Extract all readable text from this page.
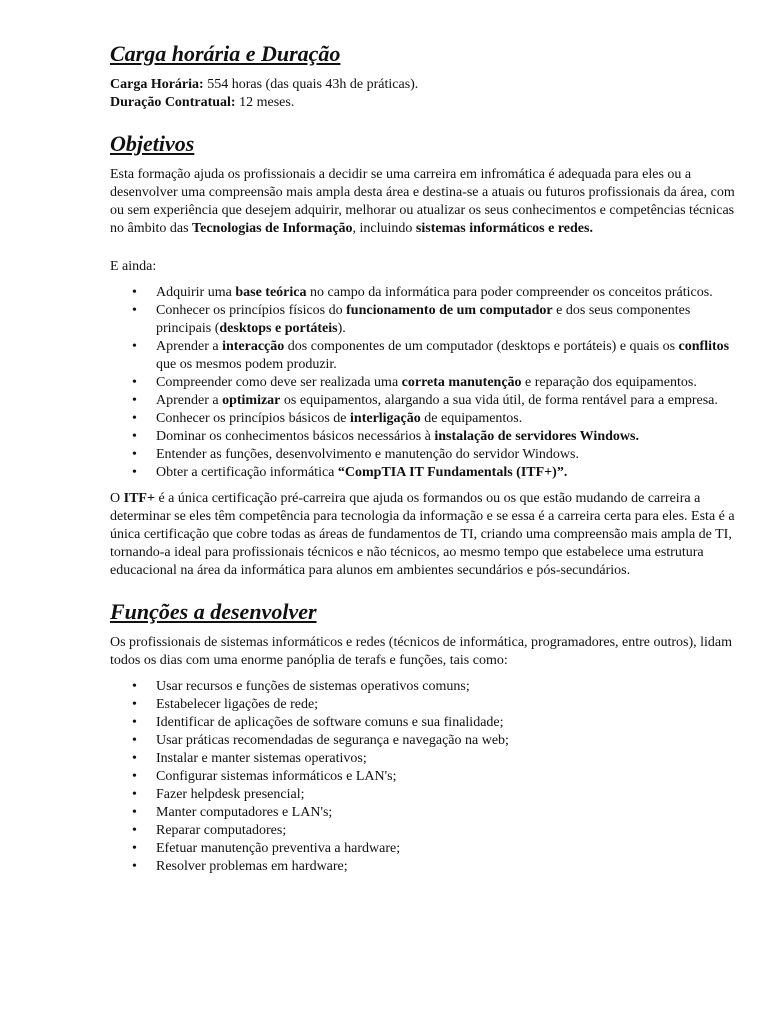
Carga horária e Duração

Carga Horária: 554 horas (das quais 43h de práticas).

Duração Contratual: 12 meses.

Objetivos

Esta formação ajuda os profissionais a decidir se uma carreira em infromática é adequada para eles ou a desenvolver uma compreensão mais ampla desta área e destina-se a atuais ou futuros profissionais da área, com ou sem experiência que desejem adquirir, melhorar ou atualizar os seus conhecimentos e competências técnicas no âmbito das Tecnologias de Informação, incluindo sistemas informáticos e redes.

E ainda:

• Adquirir uma base teórica no campo da informática para poder compreender os conceitos práticos.
• Conhecer os princípios físicos do funcionamento de um computador e dos seus componentes principais (desktops e portáteis).
• Aprender a interacção dos componentes de um computador (desktops e portáteis) e quais os conflitos que os mesmos podem produzir.
• Compreender como deve ser realizada uma correta manutenção e reparação dos equipamentos.
• Aprender a optimizar os equipamentos, alargando a sua vida útil, de forma rentável para a empresa.
• Conhecer os princípios básicos de interligação de equipamentos.
• Dominar os conhecimentos básicos necessários à instalação de servidores Windows.
• Entender as funções, desenvolvimento e manutenção do servidor Windows.
• Obter a certificação informática “CompTIA IT Fundamentals (ITF+)”.

O ITF+ é a única certificação pré-carreira que ajuda os formandos ou os que estão mudando de carreira a determinar se eles têm competência para tecnologia da informação e se essa é a carreira certa para eles. Esta é a única certificação que cobre todas as áreas de fundamentos de TI, criando uma compreensão mais ampla de TI, tornando-a ideal para profissionais técnicos e não técnicos, ao mesmo tempo que estabelece uma estrutura educacional na área da informática para alunos em ambientes secundários e pós-secundários.

Funções a desenvolver

Os profissionais de sistemas informáticos e redes (técnicos de informática, programadores, entre outros), lidam todos os dias com uma enorme panóplia de terafs e funções, tais como:

• Usar recursos e funções de sistemas operativos comuns;
• Estabelecer ligações de rede;
• Identificar de aplicações de software comuns e sua finalidade;
• Usar práticas recomendadas de segurança e navegação na web;
• Instalar e manter sistemas operativos;
• Configurar sistemas informáticos e LAN's;
• Fazer helpdesk presencial;
• Manter computadores e LAN's;
• Reparar computadores;
• Efetuar manutenção preventiva a hardware;
• Resolver problemas em hardware;
